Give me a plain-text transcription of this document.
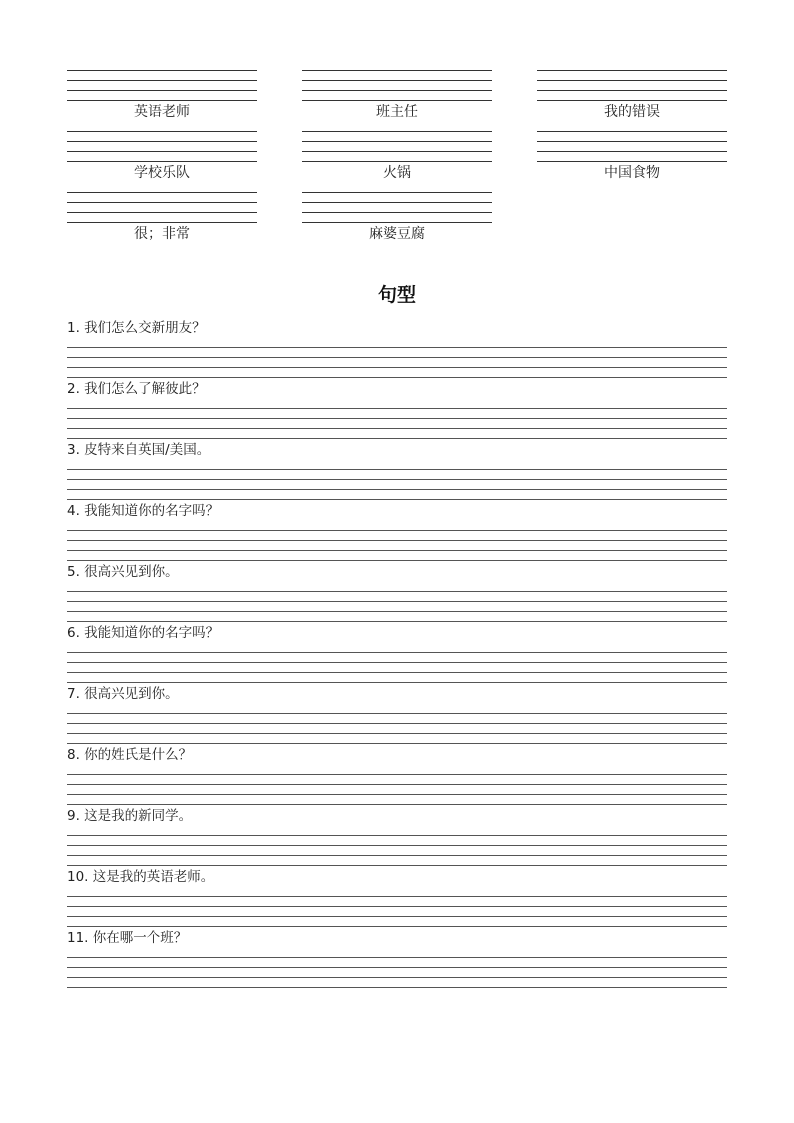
英语老师	班主任	我的错误
学校乐队	火锅	中国食物
很；非常	麻婆豆腐
句型
1. 我们怎么交新朋友？
2. 我们怎么了解彼此？
3. 皮特来自英国/美国。
4. 我能知道你的名字吗？
5. 很高兴见到你。
6. 我能知道你的名字吗？
7. 很高兴见到你。
8. 你的姓氏是什么？
9. 这是我的新同学。
10. 这是我的英语老师。
11. 你在哪一个班？
